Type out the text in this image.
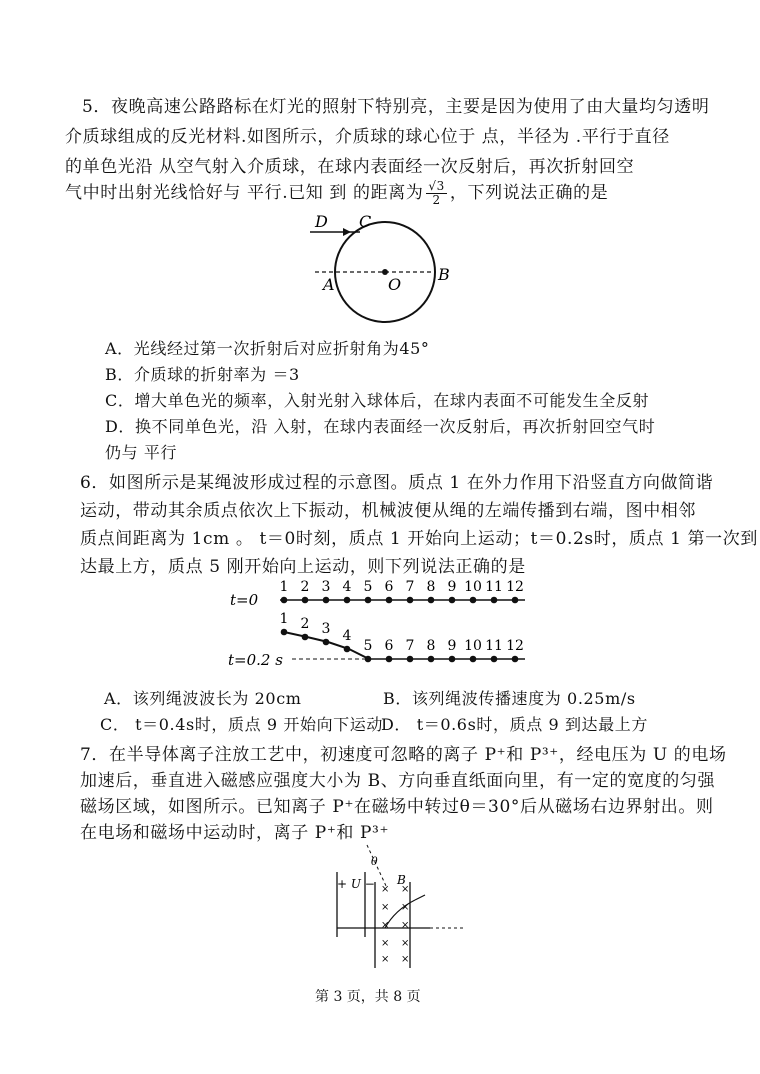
5．夜晚高速公路路标在灯光的照射下特别亮，主要是因为使用了由大量均匀透明
介质球组成的反光材料.如图所示，介质球的球心位于 点，半径为 .平行于直径
的单色光沿 从空气射入介质球，在球内表面经一次反射后，再次折射回空
气中时出射光线恰好与 平行.已知 到 的距离为 $\frac{√3}{2}$ ，下列说法正确的是
D C
A	O
B
A．光线经过第一次折射后对应折射角为45°
B．介质球的折射率为 ＝3
C．增大单色光的频率，入射光射入球体后，在球内表面不可能发生全反射
D．换不同单色光，沿 入射，在球内表面经一次反射后，再次折射回空气时
仍与 平行
6．如图所示是某绳波形成过程的示意图。质点 1 在外力作用下沿竖直方向做简谐
运动，带动其余质点依次上下振动，机械波便从绳的左端传播到右端，图中相邻
质点间距离为 1cm 。 t＝0时刻，质点 1 开始向上运动；t＝0.2s时，质点 1 第一次到
达最上方，质点 5 刚开始向上运动，则下列说法正确的是
t=0
t=0.2 s
1 2 3 4 5 6 7 8 9 10 11 12
1 2 3 4
5 6 7 8 9 10 11 12
A．该列绳波波长为 20cm	B．该列绳波传播速度为 0.25m/s
C． t＝0.4s时，质点 9 开始向下运动
D． t＝0.6s时，质点 9 到达最上方
7．在半导体离子注放工艺中，初速度可忽略的离子 P⁺和 P³⁺，经电压为 U 的电场
加速后，垂直进入磁感应强度大小为 B、方向垂直纸面向里，有一定的宽度的匀强
磁场区域，如图所示。已知离子 P⁺在磁场中转过θ＝30°后从磁场右边界射出。则
在电场和磁场中运动时，离子 P⁺和 P³⁺
+ U − B
θ
× ×
× ×
× ×
× ×
× ×
第 3 页，共 8 页
